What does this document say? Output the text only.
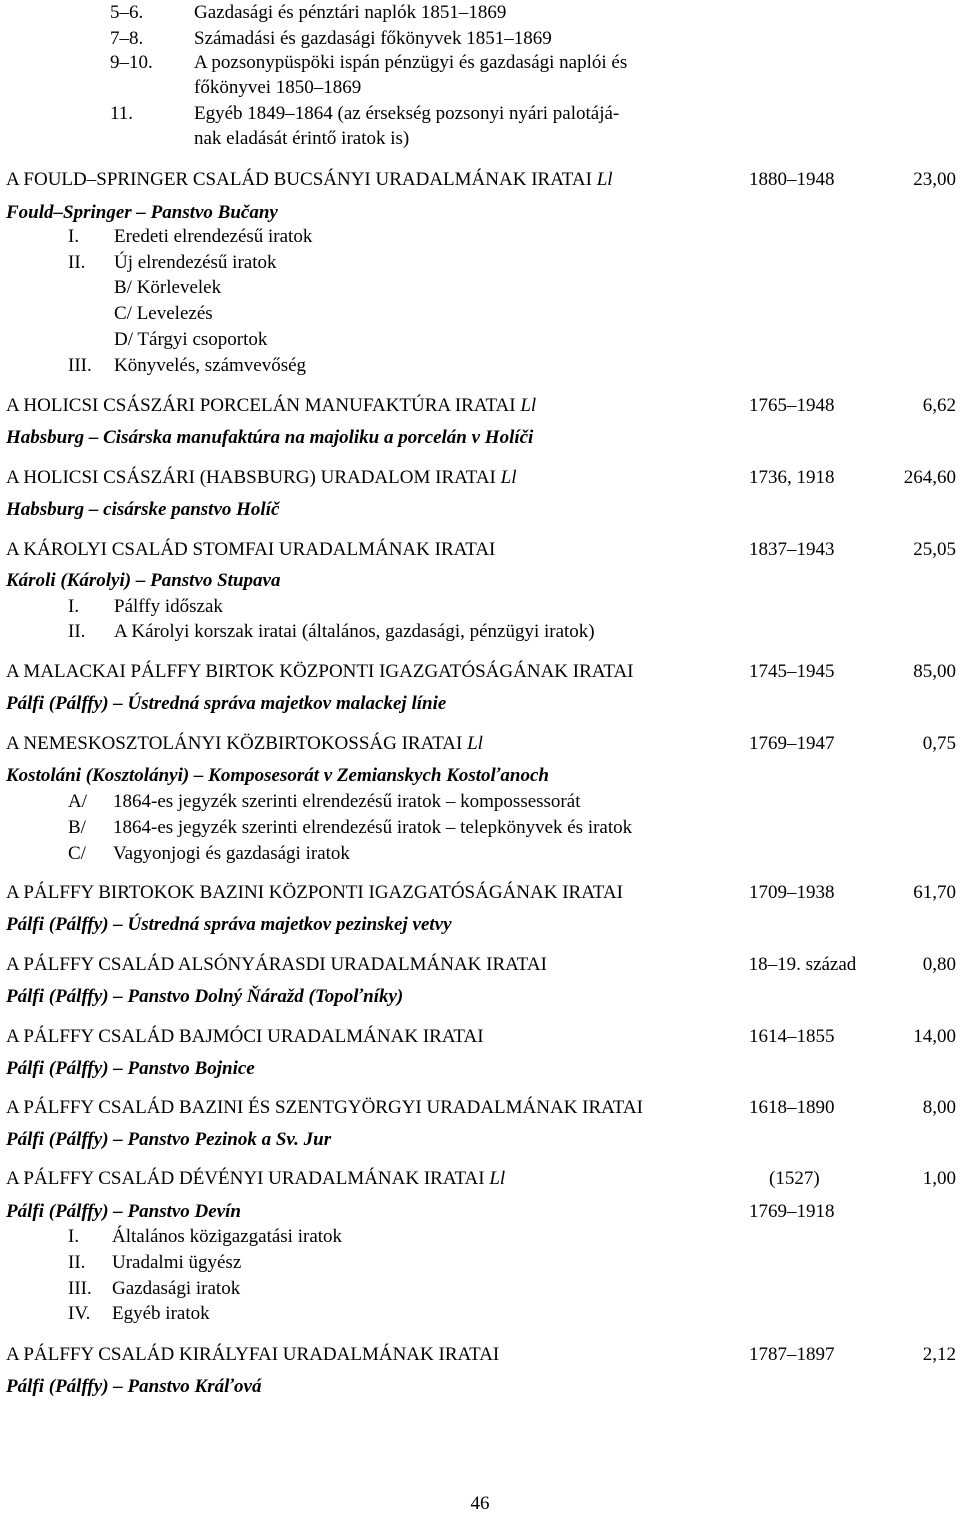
5–6.	Gazdasági és pénztári naplók 1851–1869
7–8.	Számadási és gazdasági főkönyvek 1851–1869
9–10. A pozsonypüspöki ispán pénzügyi és gazdasági naplói és
főkönyvei 1850–1869
11.	Egyéb 1849–1864 (az érsekség pozsonyi nyári palotájá-
nak eladását érintő iratok is)
A FOULD–SPRINGER CSALÁD BUCSÁNYI URADALMÁNAK IRATAI Ll	1880–1948	23,00
Fould–Springer – Panstvo Bučany
I. Eredeti elrendezésű iratok
II. Új elrendezésű iratok
B/ Körlevelek
C/ Levelezés
D/ Tárgyi csoportok
III. Könyvelés, számvevőség
A HOLICSI CSÁSZÁRI PORCELÁN MANUFAKTÚRA IRATAI Ll	1765–1948	6,62
Habsburg – Cisárska manufaktúra na majoliku a porcelán v Holíči
A HOLICSI CSÁSZÁRI (HABSBURG) URADALOM IRATAI Ll	1736, 1918	264,60
Habsburg – cisárske panstvo Holíč
A KÁROLYI CSALÁD STOMFAI URADALMÁNAK IRATAI	1837–1943	25,05
Károli (Károlyi) – Panstvo Stupava
I. Pálffy időszak
II. A Károlyi korszak iratai (általános, gazdasági, pénzügyi iratok)
A MALACKAI PÁLFFY BIRTOK KÖZPONTI IGAZGATÓSÁGÁNAK IRATAI	1745–1945	85,00
Pálfi (Pálffy) – Ústredná správa majetkov malackej línie
A NEMESKOSZTOLÁNYI KÖZBIRTOKOSSÁG IRATAI Ll	1769–1947	0,75
Kostoláni (Kosztolányi) – Komposesorát v Zemianskych Kostoľanoch
A/ 1864-es jegyzék szerinti elrendezésű iratok – kompossessorát
B/ 1864-es jegyzék szerinti elrendezésű iratok – telepkönyvek és iratok
C/ Vagyonjogi és gazdasági iratok
A PÁLFFY BIRTOKOK BAZINI KÖZPONTI IGAZGATÓSÁGÁNAK IRATAI	1709–1938	61,70
Pálfi (Pálffy) – Ústredná správa majetkov pezinskej vetvy
A PÁLFFY CSALÁD ALSÓNYÁRASDI URADALMÁNAK IRATAI	18–19. század	0,80
Pálfi (Pálffy) – Panstvo Dolný Ňáražd (Topoľníky)
A PÁLFFY CSALÁD BAJMÓCI URADALMÁNAK IRATAI	1614–1855	14,00
Pálfi (Pálffy) – Panstvo Bojnice
A PÁLFFY CSALÁD BAZINI ÉS SZENTGYÖRGYI URADALMÁNAK IRATAI	1618–1890	8,00
Pálfi (Pálffy) – Panstvo Pezinok a Sv. Jur
A PÁLFFY CSALÁD DÉVÉNYI URADALMÁNAK IRATAI Ll	(1527)	1,00
Pálfi (Pálffy) – Panstvo Devín	1769–1918
I. Általános közigazgatási iratok
II. Uradalmi ügyész
III. Gazdasági iratok
IV. Egyéb iratok
A PÁLFFY CSALÁD KIRÁLYFAI URADALMÁNAK IRATAI	1787–1897	2,12
Pálfi (Pálffy) – Panstvo Kráľová
46
